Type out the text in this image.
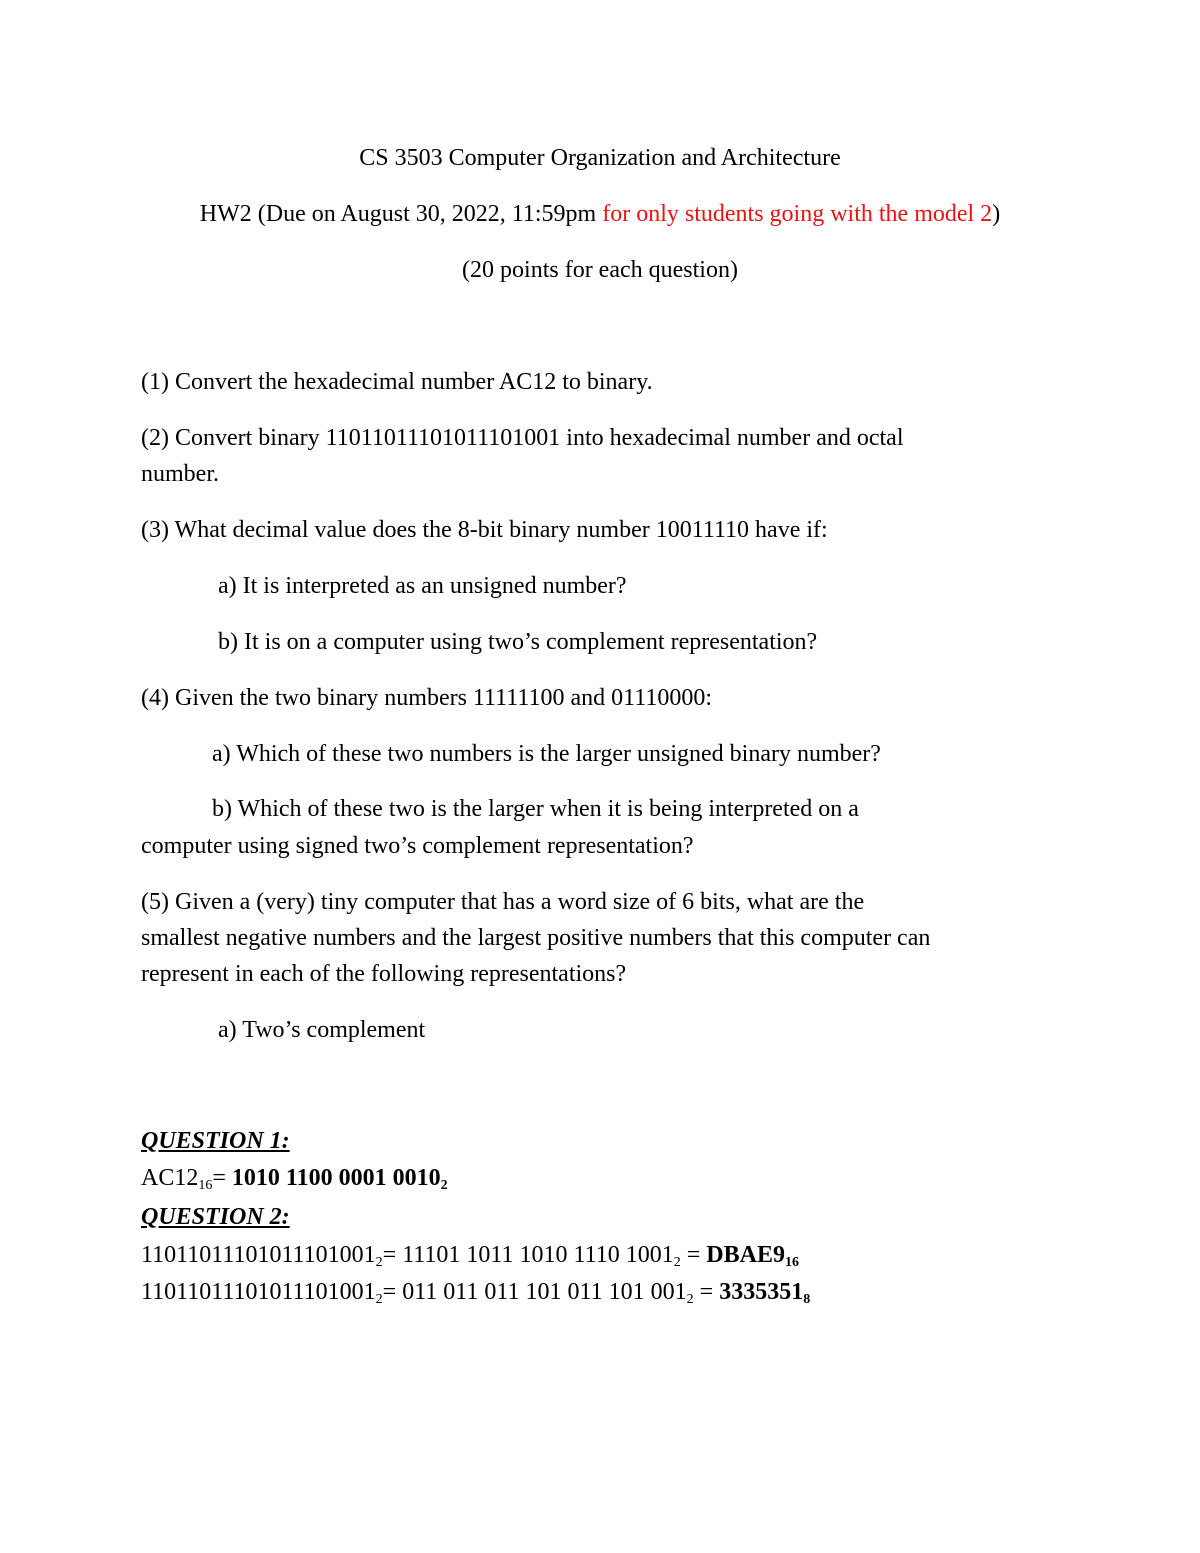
CS 3503 Computer Organization and Architecture
HW2 (Due on August 30, 2022, 11:59pm for only students going with the model 2)
(20 points for each question)
(1) Convert the hexadecimal number AC12 to binary.
(2) Convert binary 11011011101011101001 into hexadecimal number and octal
number.
(3) What decimal value does the 8-bit binary number 10011110 have if:
a) It is interpreted as an unsigned number?
b) It is on a computer using two’s complement representation?
(4) Given the two binary numbers 11111100 and 01110000:
a) Which of these two numbers is the larger unsigned binary number?
b) Which of these two is the larger when it is being interpreted on a
computer using signed two’s complement representation?
(5) Given a (very) tiny computer that has a word size of 6 bits, what are the
smallest negative numbers and the largest positive numbers that this computer can
represent in each of the following representations?
a) Two’s complement
QUESTION 1:
$AC12_{16}= 1010$ 1100 0001 $0010_2$
QUESTION 2:
$11011011101011101001_2= 11101$ 1011 1010 1110 $1001_2$ = $DBAE9_{16}$
$11011011101011101001_2= 011$ 011 011 101 011 101 $001_2 = 3335351_8$
